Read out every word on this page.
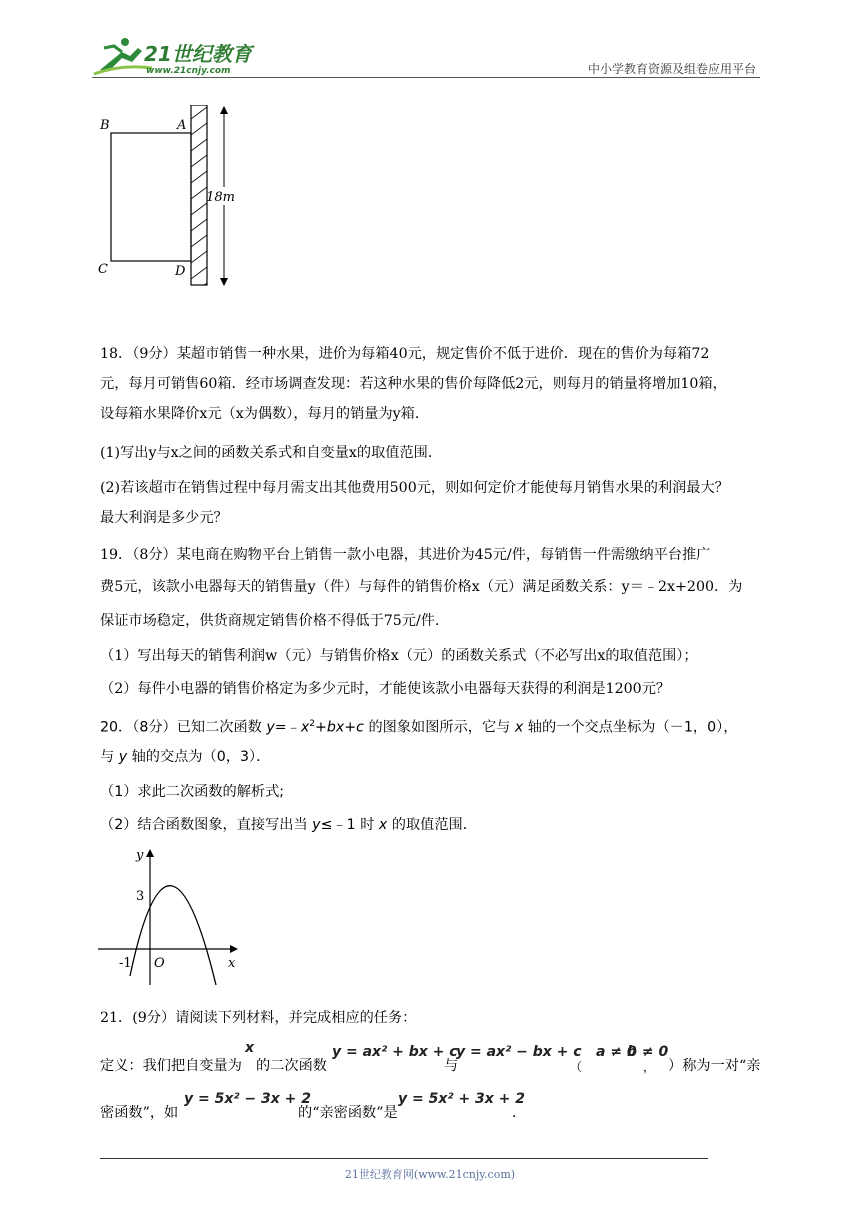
21世纪教育
www.21cnjy.com	中小学教育资源及组卷应用平台
18m
B	A
C	D
18．（9分）某超市销售一种水果，进价为每箱40元，规定售价不低于进价．现在的售价为每箱72
元，每月可销售60箱．经市场调查发现：若这种水果的售价每降低2元，则每月的销量将增加10箱，
设每箱水果降价x元（x为偶数），每月的销量为y箱．
(1)写出y与x之间的函数关系式和自变量x的取值范围．
(2)若该超市在销售过程中每月需支出其他费用500元，则如何定价才能使每月销售水果的利润最大？
最大利润是多少元？
19．（8分）某电商在购物平台上销售一款小电器，其进价为45元/件，每销售一件需缴纳平台推广
费5元，该款小电器每天的销售量y（件）与每件的销售价格x（元）满足函数关系：y＝﹣2x+200．为
保证市场稳定，供货商规定销售价格不得低于75元/件．
（1）写出每天的销售利润w（元）与销售价格x（元）的函数关系式（不必写出x的取值范围）；
（2）每件小电器的销售价格定为多少元时，才能使该款小电器每天获得的利润是1200元？
20．（8分）已知二次函数 $y=﹣x^2+bx+c$ 的图象如图所示，它与 x 轴的一个交点坐标为（－1，0），
与 y 轴的交点为（0，3）．
（1）求此二次函数的解析式;
（2）结合函数图象，直接写出当 y≤﹣1 时 x 的取值范围．
y
x
3
-1 O
21．(9分）请阅读下列材料，并完成相应的任务：
定义：我们把自变量为
x
的二次函数
y = ax² + bx + c
与
y = ax² − bx + c
（
a ≠ 0
，
b ≠ 0
）称为一对“亲
密函数”，如
y = 5x² − 3x + 2
的“亲密函数”是
y = 5x² + 3x + 2
．
21世纪教育网(www.21cnjy.com)
